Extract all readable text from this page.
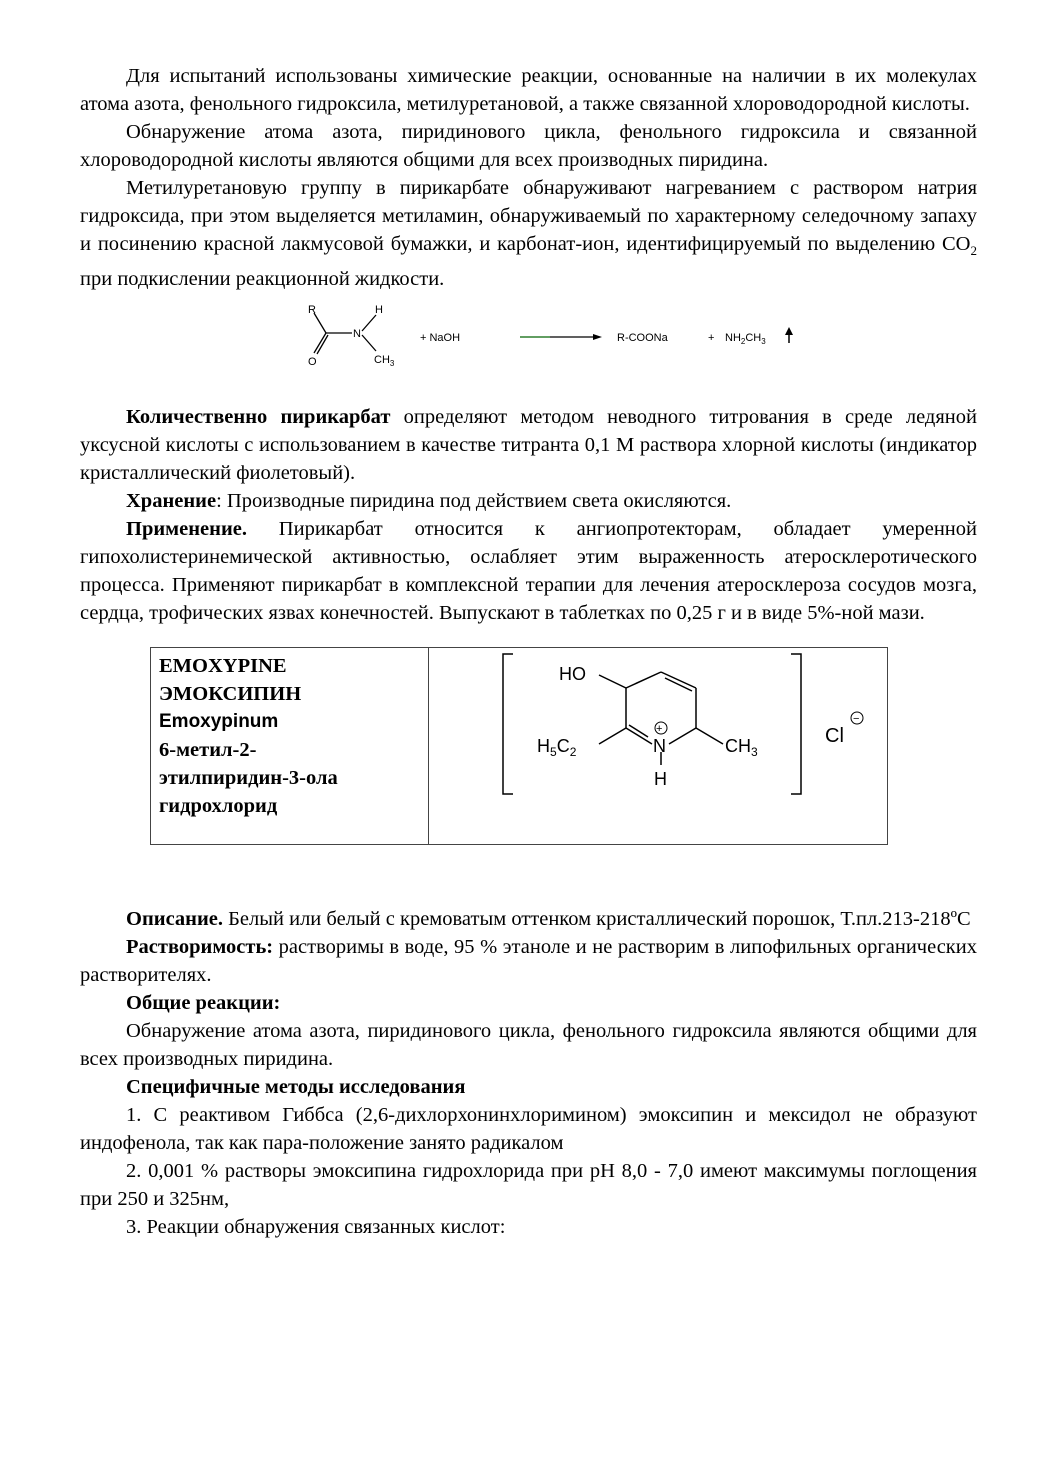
Для испытаний использованы химические реакции, основанные на наличии в их молекулах атома азота, фенольного гидроксила, метилуретановой, а также связанной хлороводородной кислоты.

Обнаружение атома азота, пиридинового цикла, фенольного гидроксила и связанной хлороводородной кислоты являются общими для всех производных пиридина.

Метилуретановую группу в пирикарбате обнаруживают нагреванием с раствором натрия гидроксида, при этом выделяется метиламин, обнаруживаемый по характерному селедочному запаху и посинению красной лакмусовой бумажки, и карбонат-ион, идентифицируемый по выделению $CO_2$ при подкислении реакционной жидкости.

R
O
N
H
$CH_3$
+ NaOH	R-COONa	+ $NH_2CH_3$

Количественно пирикарбат определяют методом неводного титрования в среде ледяной уксусной кислоты с использованием в качестве титранта 0,1 М раствора хлорной кислоты (индикатор кристаллический фиолетовый).

Хранение: Производные пиридина под действием света окисляются.

Применение. Пирикарбат относится к ангиопротекторам, обладает умеренной гипохолистеринемической активностью, ослабляет этим выраженность атеросклеротического процесса. Применяют пирикарбат в комплексной терапии для лечения атеросклероза сосудов мозга, сердца, трофических язвах конечностей. Выпускают в таблетках по 0,25 г и в виде 5%-ной мази.

EMOXYPINE
ЭМОКСИПИН
Emoxypinum
6-метил-2-
этилпиридин-3-ола
гидрохлорид
HO
$H_5C_2$	N
+
H
$CH_3$
Cl
−

Описание. Белый или белый с кремоватым оттенком кристаллический порошок, Т.пл.213-218ºС

Растворимость: растворимы в воде, 95 % этаноле и не растворим в липофильных органических растворителях.

Общие реакции:

Обнаружение атома азота, пиридинового цикла, фенольного гидроксила являются общими для всех производных пиридина.

Специфичные методы исследования

1. С реактивом Гиббса (2,6-дихлорхонинхлоримином) эмоксипин и мексидол не образуют индофенола, так как пара-положение занято радикалом

2. 0,001 % растворы эмоксипина гидрохлорида при рН 8,0 - 7,0 имеют максимумы поглощения при 250 и 325нм,

3. Реакции обнаружения связанных кислот:
